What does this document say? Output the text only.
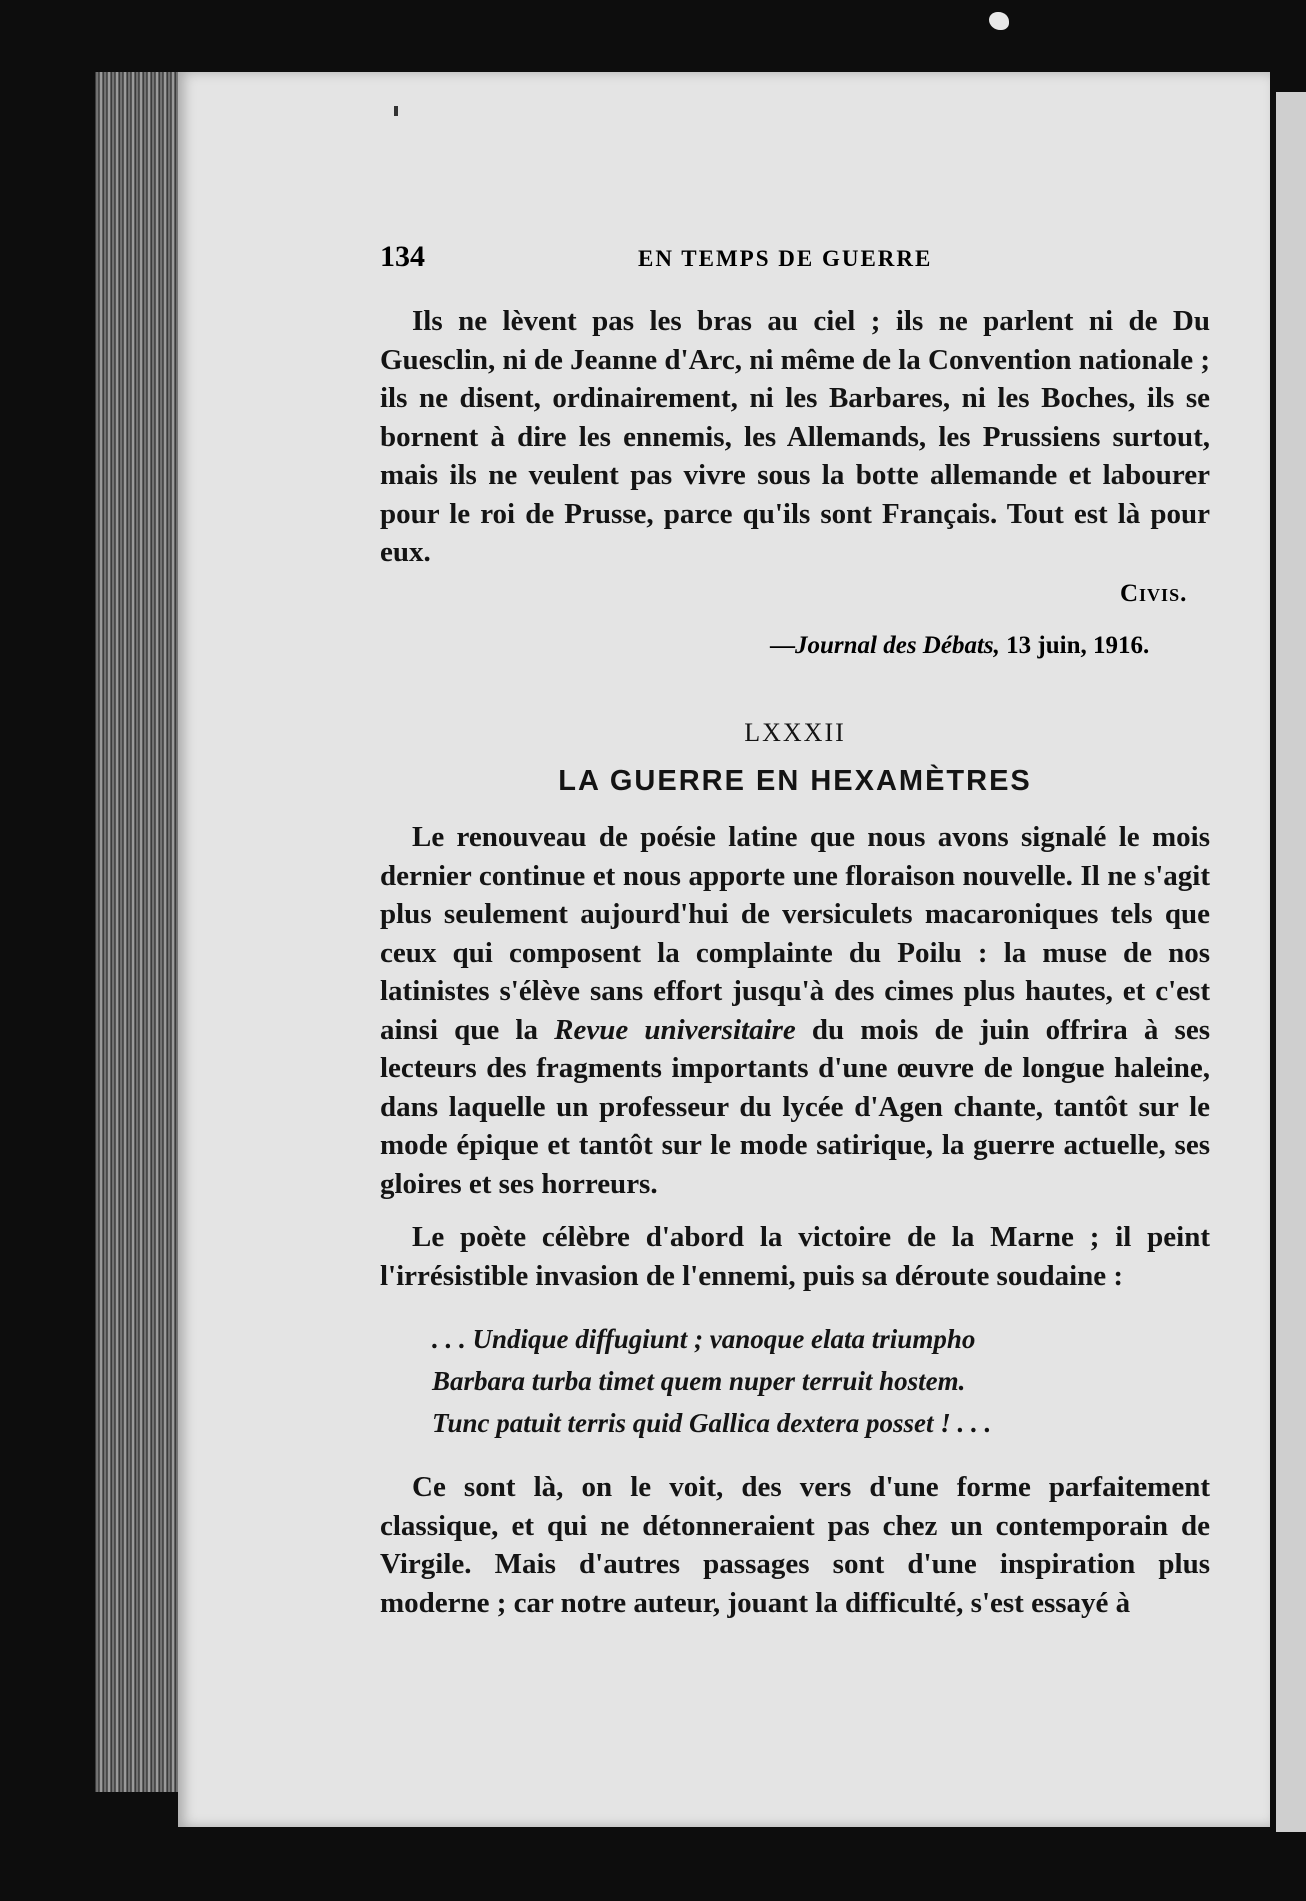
134	EN TEMPS DE GUERRE
Ils ne lèvent pas les bras au ciel ; ils ne parlent ni de Du Guesclin, ni de Jeanne d'Arc, ni même de la Convention nationale ; ils ne disent, ordinairement, ni les Barbares, ni les Boches, ils se bornent à dire les ennemis, les Allemands, les Prussiens surtout, mais ils ne veulent pas vivre sous la botte allemande et labourer pour le roi de Prusse, parce qu'ils sont Français. Tout est là pour eux.
Civis.
—Journal des Débats, 13 juin, 1916.
LXXXII
LA GUERRE EN HEXAMÈTRES
Le renouveau de poésie latine que nous avons signalé le mois dernier continue et nous apporte une floraison nouvelle. Il ne s'agit plus seulement aujourd'hui de versiculets macaroniques tels que ceux qui composent la complainte du Poilu : la muse de nos latinistes s'élève sans effort jusqu'à des cimes plus hautes, et c'est ainsi que la Revue universitaire du mois de juin offrira à ses lecteurs des fragments importants d'une œuvre de longue haleine, dans laquelle un professeur du lycée d'Agen chante, tantôt sur le mode épique et tantôt sur le mode satirique, la guerre actuelle, ses gloires et ses horreurs.
Le poète célèbre d'abord la victoire de la Marne ; il peint l'irrésistible invasion de l'ennemi, puis sa déroute soudaine :
. . . Undique diffugiunt ; vanoque elata triumpho
Barbara turba timet quem nuper terruit hostem.
Tunc patuit terris quid Gallica dextera posset ! . . .
Ce sont là, on le voit, des vers d'une forme parfaitement classique, et qui ne détonneraient pas chez un contemporain de Virgile. Mais d'autres passages sont d'une inspiration plus moderne ; car notre auteur, jouant la difficulté, s'est essayé à
